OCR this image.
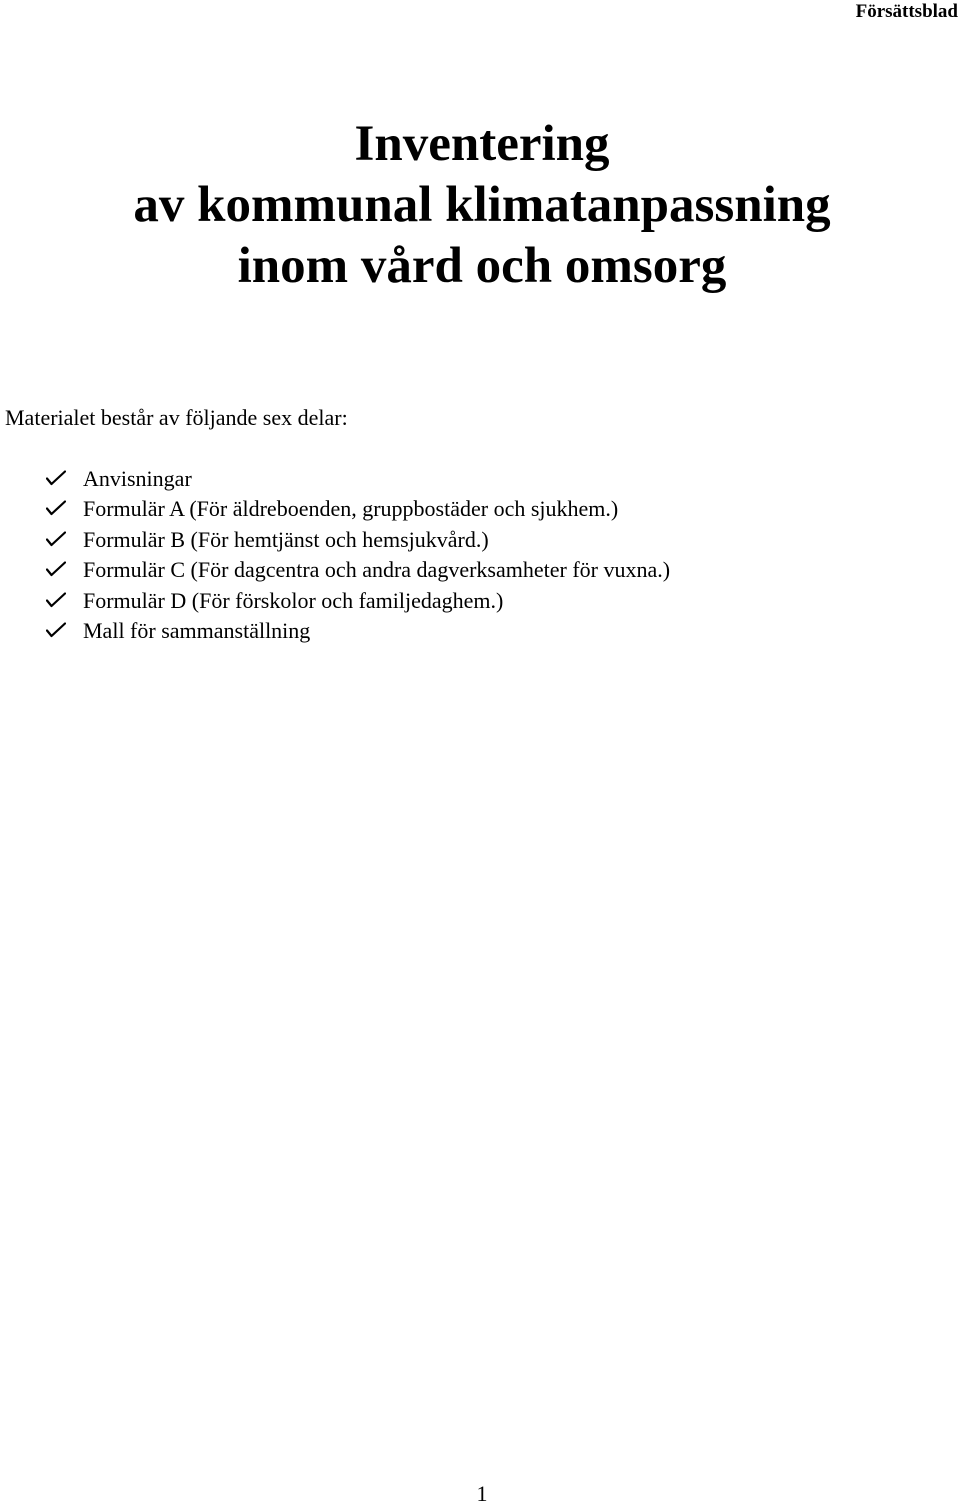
Försättsblad
Inventering
av kommunal klimatanpassning
inom vård och omsorg
Materialet består av följande sex delar:
Anvisningar
Formulär A (För äldreboenden, gruppbostäder och sjukhem.)
Formulär B (För hemtjänst och hemsjukvård.)
Formulär C (För dagcentra och andra dagverksamheter för vuxna.)
Formulär D (För förskolor och familjedaghem.)
Mall för sammanställning
1
